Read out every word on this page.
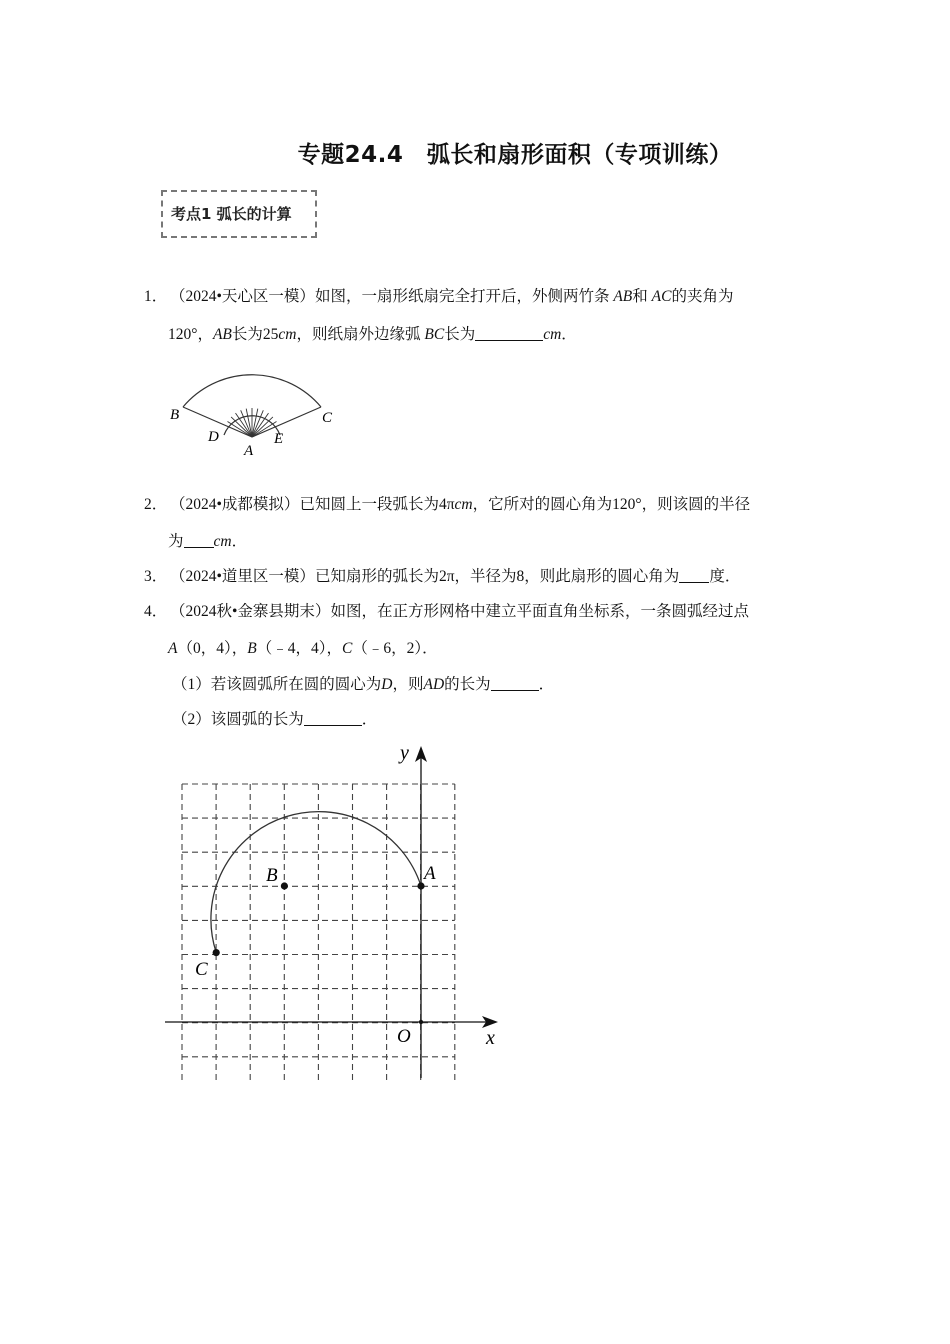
专题24.4　弧长和扇形面积（专项训练）
考点1 弧长的计算
1． （2024•天心区一模）如图，一扇形纸扇完全打开后，外侧两竹条 AB和 AC的夹角为
120°，AB长为25cm，则纸扇外边缘弧 BC长为	cm．
B	C
D	E
A
2． （2024•成都模拟）已知圆上一段弧长为4πcm，它所对的圆心角为120°，则该圆的半径
为 cm．
3． （2024•道里区一模）已知扇形的弧长为2π，半径为8，则此扇形的圆心角为 度．
4． （2024秋•金寨县期末）如图，在正方形网格中建立平面直角坐标系，一条圆弧经过点
A（0，4），B（﹣4，4），C（﹣6，2）．
（1）若该圆弧所在圆的圆心为D，则AD的长为	．
（2）该圆弧的长为	．
y
x
O
A
B
C
